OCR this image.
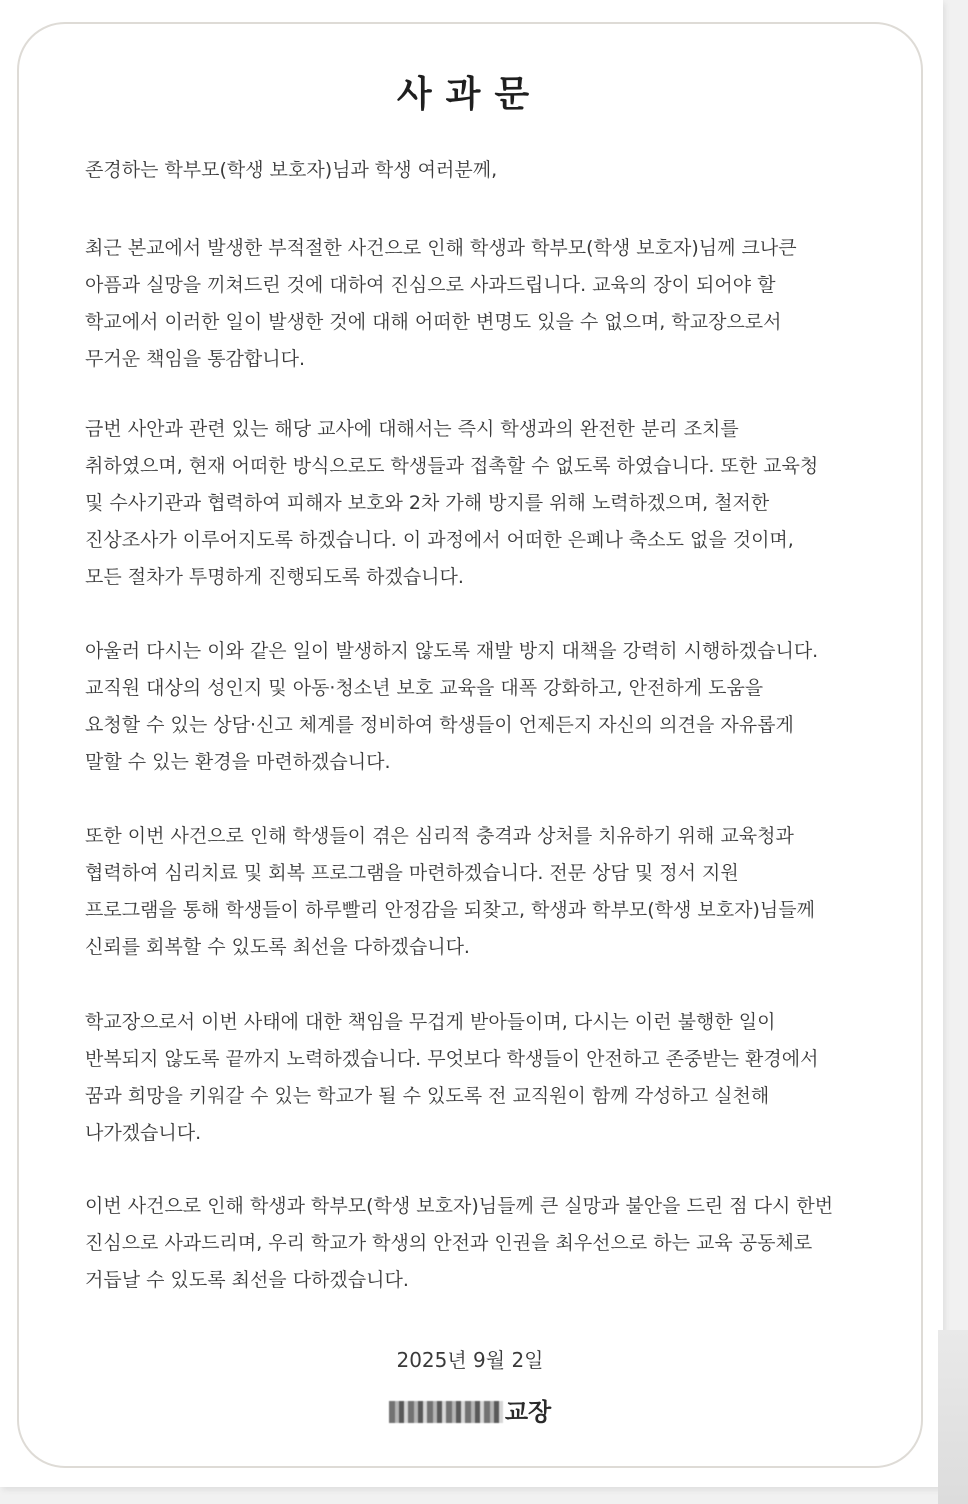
사과문

존경하는 학부모(학생 보호자)님과 학생 여러분께,

최근 본교에서 발생한 부적절한 사건으로 인해 학생과 학부모(학생 보호자)님께 크나큰
아픔과 실망을 끼쳐드린 것에 대하여 진심으로 사과드립니다. 교육의 장이 되어야 할
학교에서 이러한 일이 발생한 것에 대해 어떠한 변명도 있을 수 없으며, 학교장으로서
무거운 책임을 통감합니다.

금번 사안과 관련 있는 해당 교사에 대해서는 즉시 학생과의 완전한 분리 조치를
취하였으며, 현재 어떠한 방식으로도 학생들과 접촉할 수 없도록 하였습니다. 또한 교육청
및 수사기관과 협력하여 피해자 보호와 2차 가해 방지를 위해 노력하겠으며, 철저한
진상조사가 이루어지도록 하겠습니다. 이 과정에서 어떠한 은폐나 축소도 없을 것이며,
모든 절차가 투명하게 진행되도록 하겠습니다.

아울러 다시는 이와 같은 일이 발생하지 않도록 재발 방지 대책을 강력히 시행하겠습니다.
교직원 대상의 성인지 및 아동·청소년 보호 교육을 대폭 강화하고, 안전하게 도움을
요청할 수 있는 상담·신고 체계를 정비하여 학생들이 언제든지 자신의 의견을 자유롭게
말할 수 있는 환경을 마련하겠습니다.

또한 이번 사건으로 인해 학생들이 겪은 심리적 충격과 상처를 치유하기 위해 교육청과
협력하여 심리치료 및 회복 프로그램을 마련하겠습니다. 전문 상담 및 정서 지원
프로그램을 통해 학생들이 하루빨리 안정감을 되찾고, 학생과 학부모(학생 보호자)님들께
신뢰를 회복할 수 있도록 최선을 다하겠습니다.

학교장으로서 이번 사태에 대한 책임을 무겁게 받아들이며, 다시는 이런 불행한 일이
반복되지 않도록 끝까지 노력하겠습니다. 무엇보다 학생들이 안전하고 존중받는 환경에서
꿈과 희망을 키워갈 수 있는 학교가 될 수 있도록 전 교직원이 함께 각성하고 실천해
나가겠습니다.

이번 사건으로 인해 학생과 학부모(학생 보호자)님들께 큰 실망과 불안을 드린 점 다시 한번
진심으로 사과드리며, 우리 학교가 학생의 안전과 인권을 최우선으로 하는 교육 공동체로
거듭날 수 있도록 최선을 다하겠습니다.

2025년 9월 2일

교장
